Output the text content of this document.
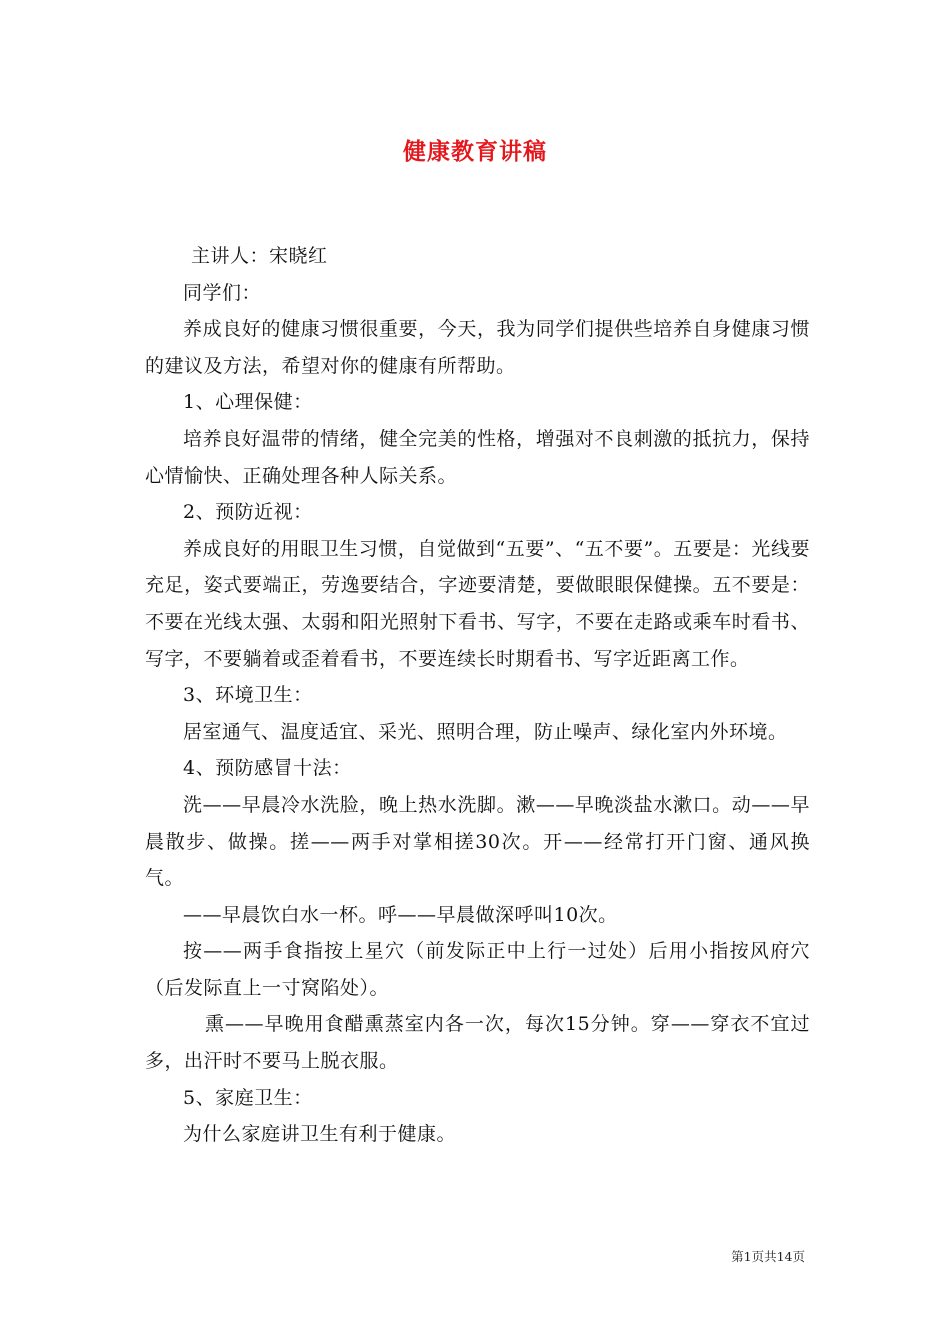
健康教育讲稿

主讲人：宋晓红

同学们：

养成良好的健康习惯很重要，今天，我为同学们提供些培养自身健康习惯的建议及方法，希望对你的健康有所帮助。

1、心理保健：

培养良好温带的情绪，健全完美的性格，增强对不良刺激的抵抗力，保持心情愉快、正确处理各种人际关系。

2、预防近视：

养成良好的用眼卫生习惯，自觉做到“五要”、“五不要”。五要是：光线要充足，姿式要端正，劳逸要结合，字迹要清楚，要做眼眼保健操。五不要是：不要在光线太强、太弱和阳光照射下看书、写字，不要在走路或乘车时看书、写字，不要躺着或歪着看书，不要连续长时期看书、写字近距离工作。

3、环境卫生：

居室通气、温度适宜、采光、照明合理，防止噪声、绿化室内外环境。

4、预防感冒十法：

洗——早晨冷水洗脸，晚上热水洗脚。漱——早晚淡盐水漱口。动——早晨散步、做操。搓——两手对掌相搓30次。开——经常打开门窗、通风换气。

——早晨饮白水一杯。呼——早晨做深呼叫10次。

按——两手食指按上星穴（前发际正中上行一过处）后用小指按风府穴（后发际直上一寸窝陷处）。

熏——早晚用食醋熏蒸室内各一次，每次15分钟。穿——穿衣不宜过多，出汗时不要马上脱衣服。

5、家庭卫生：

为什么家庭讲卫生有利于健康。

第1页共14页
